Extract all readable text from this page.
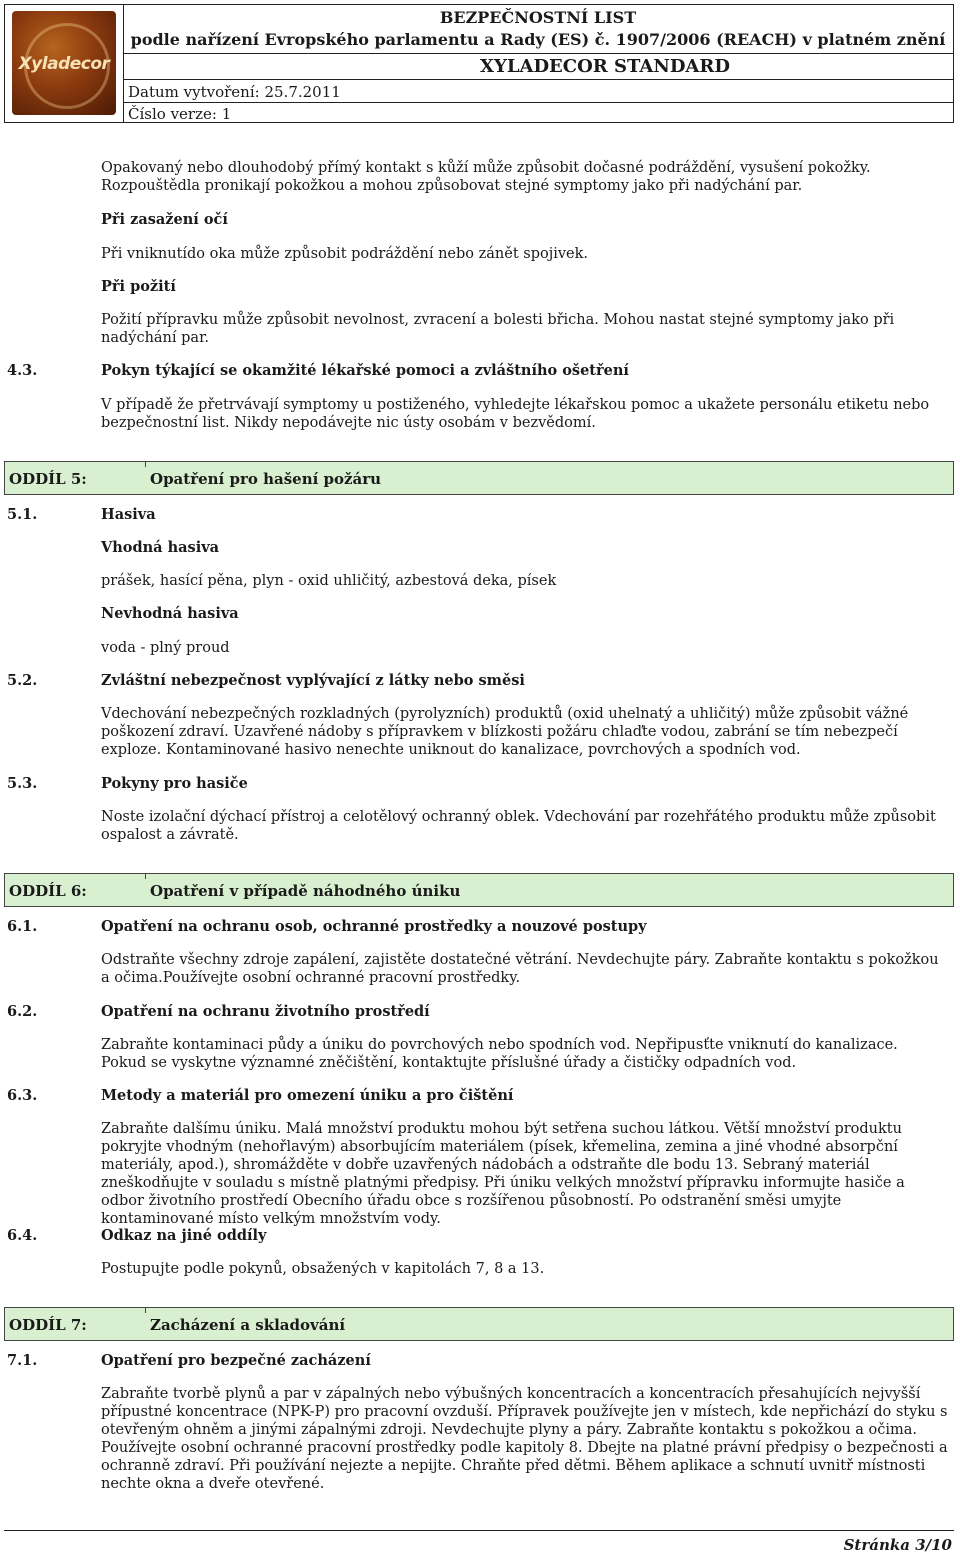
Xyladecor
BEZPEČNOSTNÍ LIST
podle nařízení Evropského parlamentu a Rady (ES) č. 1907/2006 (REACH) v platném znění
XYLADECOR STANDARD
Datum vytvoření: 25.7.2011
Číslo verze: 1
Opakovaný nebo dlouhodobý přímý kontakt s kůží může způsobit dočasné podráždění, vysušení pokožky. Rozpouštědla pronikají pokožkou a mohou způsobovat stejné symptomy jako při nadýchání par.
Při zasažení očí
Při vniknutído oka může způsobit podráždění nebo zánět spojivek.
Při požití
Požití přípravku může způsobit nevolnost, zvracení a bolesti břicha. Mohou nastat stejné symptomy jako při nadýchání par.
4.3.	Pokyn týkající se okamžité lékařské pomoci a zvláštního ošetření
V případě že přetrvávají symptomy u postiženého, vyhledejte lékařskou pomoc a ukažete personálu etiketu nebo bezpečnostní list. Nikdy nepodávejte nic ústy osobám v bezvědomí.
ODDÍL 5:	Opatření pro hašení požáru
5.1.	Hasiva
Vhodná hasiva
prášek, hasící pěna, plyn - oxid uhličitý, azbestová deka, písek
Nevhodná hasiva
voda - plný proud
5.2.	Zvláštní nebezpečnost vyplývající z látky nebo směsi
Vdechování nebezpečných rozkladných (pyrolyzních) produktů (oxid uhelnatý a uhličitý) může způsobit vážné poškození zdraví. Uzavřené nádoby s přípravkem v blízkosti požáru chlaďte vodou, zabrání se tím nebezpečí exploze. Kontaminované hasivo nenechte uniknout do kanalizace, povrchových a spodních vod.
5.3.	Pokyny pro hasiče
Noste izolační dýchací přístroj a celotělový ochranný oblek. Vdechování par rozehřátého produktu může způsobit ospalost a závratě.
ODDÍL 6:	Opatření v případě náhodného úniku
6.1.	Opatření na ochranu osob, ochranné prostředky a nouzové postupy
Odstraňte všechny zdroje zapálení, zajistěte dostatečné větrání. Nevdechujte páry. Zabraňte kontaktu s pokožkou a očima.Používejte osobní ochranné pracovní prostředky.
6.2.	Opatření na ochranu životního prostředí
Zabraňte kontaminaci půdy a úniku do povrchových nebo spodních vod. Nepřipusťte vniknutí do kanalizace. Pokud se vyskytne významné zněčištění, kontaktujte příslušné úřady a čističky odpadních vod.
6.3.	Metody a materiál pro omezení úniku a pro čištění
Zabraňte dalšímu úniku. Malá množství produktu mohou být setřena suchou látkou. Větší množství produktu pokryjte vhodným (nehořlavým) absorbujícím materiálem (písek, křemelina, zemina a jiné vhodné absorpční materiály, apod.), shromážděte v dobře uzavřených nádobách a odstraňte dle bodu 13. Sebraný materiál zneškodňujte v souladu s místně platnými předpisy. Při úniku velkých množství přípravku informujte hasiče a odbor životního prostředí Obecního úřadu obce s rozšířenou působností. Po odstranění směsi umyjte kontaminované místo velkým množstvím vody.
6.4.	Odkaz na jiné oddíly
Postupujte podle pokynů, obsažených v kapitolách 7, 8 a 13.
ODDÍL 7:	Zacházení a skladování
7.1.	Opatření pro bezpečné zacházení
Zabraňte tvorbě plynů a par v zápalných nebo výbušných koncentracích a koncentracích přesahujících nejvyšší přípustné koncentrace (NPK-P) pro pracovní ovzduší. Přípravek používejte jen v místech, kde nepřichází do styku s otevřeným ohněm a jinými zápalnými zdroji. Nevdechujte plyny a páry. Zabraňte kontaktu s pokožkou a očima. Používejte osobní ochranné pracovní prostředky podle kapitoly 8. Dbejte na platné právní předpisy o bezpečnosti a ochranně zdraví. Při používání nejezte a nepijte. Chraňte před dětmi. Během aplikace a schnutí uvnitř místnosti nechte okna a dveře otevřené.
Stránka 3/10
